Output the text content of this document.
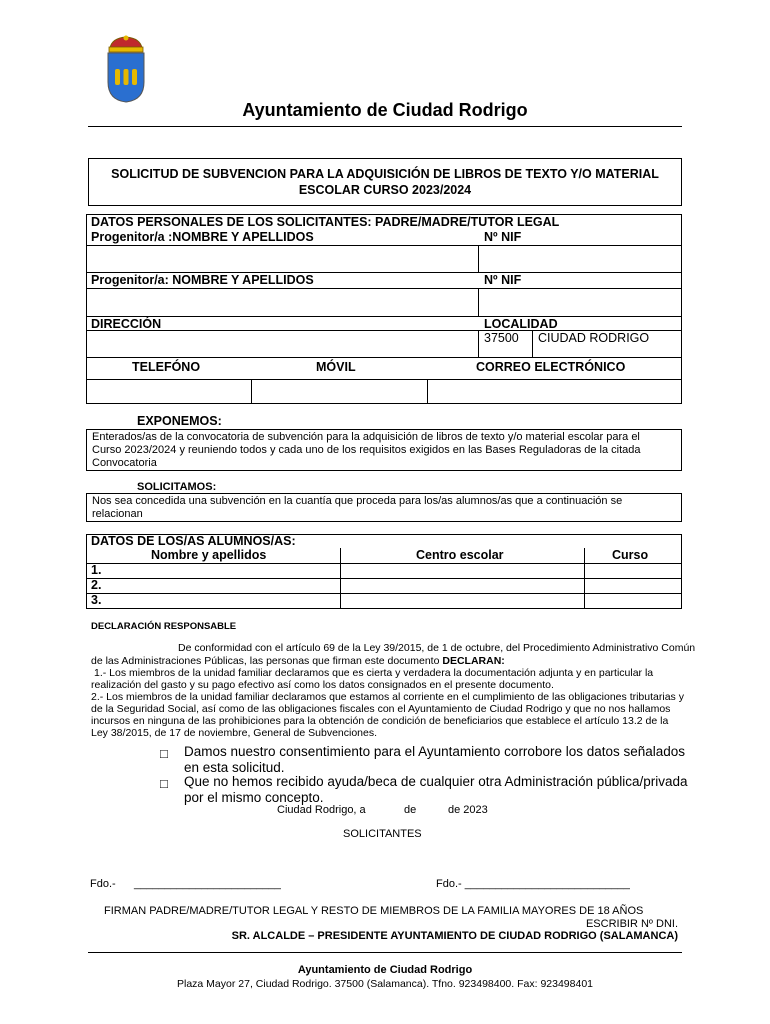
Ayuntamiento de Ciudad Rodrigo
SOLICITUD DE SUBVENCION PARA LA ADQUISICIÓN DE LIBROS DE TEXTO Y/O MATERIAL
ESCOLAR CURSO 2023/2024
DATOS PERSONALES DE LOS SOLICITANTES: PADRE/MADRE/TUTOR LEGAL
Progenitor/a :NOMBRE Y APELLIDOS	Nº NIF
Progenitor/a: NOMBRE Y APELLIDOS	Nº NIF
DIRECCIÓN	LOCALIDAD
37500 CIUDAD RODRIGO
TELEFÓNO	MÓVIL	CORREO ELECTRÓNICO
EXPONEMOS:
Enterados/as de la convocatoria de subvención para la adquisición de libros de texto y/o material escolar para el
Curso 2023/2024 y reuniendo todos y cada uno de los requisitos exigidos en las Bases Reguladoras de la citada
Convocatoria
SOLICITAMOS:
Nos sea concedida una subvención en la cuantía que proceda para los/as alumnos/as que a continuación se
relacionan
DATOS DE LOS/AS ALUMNOS/AS:
Nombre y apellidos	Centro escolar	Curso
1.
2.
3.
DECLARACIÓN RESPONSABLE
De conformidad con el artículo 69 de la Ley 39/2015, de 1 de octubre, del Procedimiento Administrativo Común
de las Administraciones Públicas, las personas que firman este documento DECLARAN:
1.- Los miembros de la unidad familiar declaramos que es cierta y verdadera la documentación adjunta y en particular la
realización del gasto y su pago efectivo así como los datos consignados en el presente documento.
2.- Los miembros de la unidad familiar declaramos que estamos al corriente en el cumplimiento de las obligaciones tributarias y
de la Seguridad Social, así como de las obligaciones fiscales con el Ayuntamiento de Ciudad Rodrigo y que no nos hallamos
incursos en ninguna de las prohibiciones para la obtención de condición de beneficiarios que establece el artículo 13.2 de la
Ley 38/2015, de 17 de noviembre, General de Subvenciones.
□ Damos nuestro consentimiento para el Ayuntamiento corrobore los datos señalados
en esta solicitud.
□ Que no hemos recibido ayuda/beca de cualquier otra Administración pública/privada
por el mismo concepto.
Ciudad Rodrigo, a	de	de 2023
SOLICITANTES
Fdo.- ________________________	Fdo.- ___________________________
FIRMAN PADRE/MADRE/TUTOR LEGAL Y RESTO DE MIEMBROS DE LA FAMILIA MAYORES DE 18 AÑOS
ESCRIBIR Nº DNI.
SR. ALCALDE – PRESIDENTE AYUNTAMIENTO DE CIUDAD RODRIGO (SALAMANCA)
Ayuntamiento de Ciudad Rodrigo
Plaza Mayor 27, Ciudad Rodrigo. 37500 (Salamanca). Tfno. 923498400. Fax: 923498401
